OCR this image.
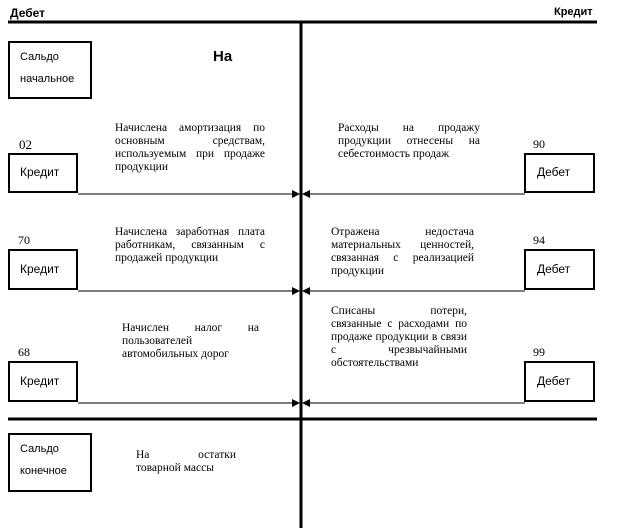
Дебет	Кредит
Сальдо
начальное
На
02
Кредит
Начислена амортизация по основным средствам, используемым при продаже продукции
70
Кредит
Начислена заработная плата работникам, связанным с продажей продукции
68
Кредит
Начислен налог на пользователей автомобильных дорог
90
Дебет
Расходы на продажу продукции отнесены на себестоимость продаж
94
Дебет
Отражена недостача материальных ценностей, связанная с реализацией продукции
99
Дебет
Списаны потери, связанные с расходами по продаже продукции в связи с чрезвычайными обстоятельствами
Сальдо
конечное
На остатки товарной массы
